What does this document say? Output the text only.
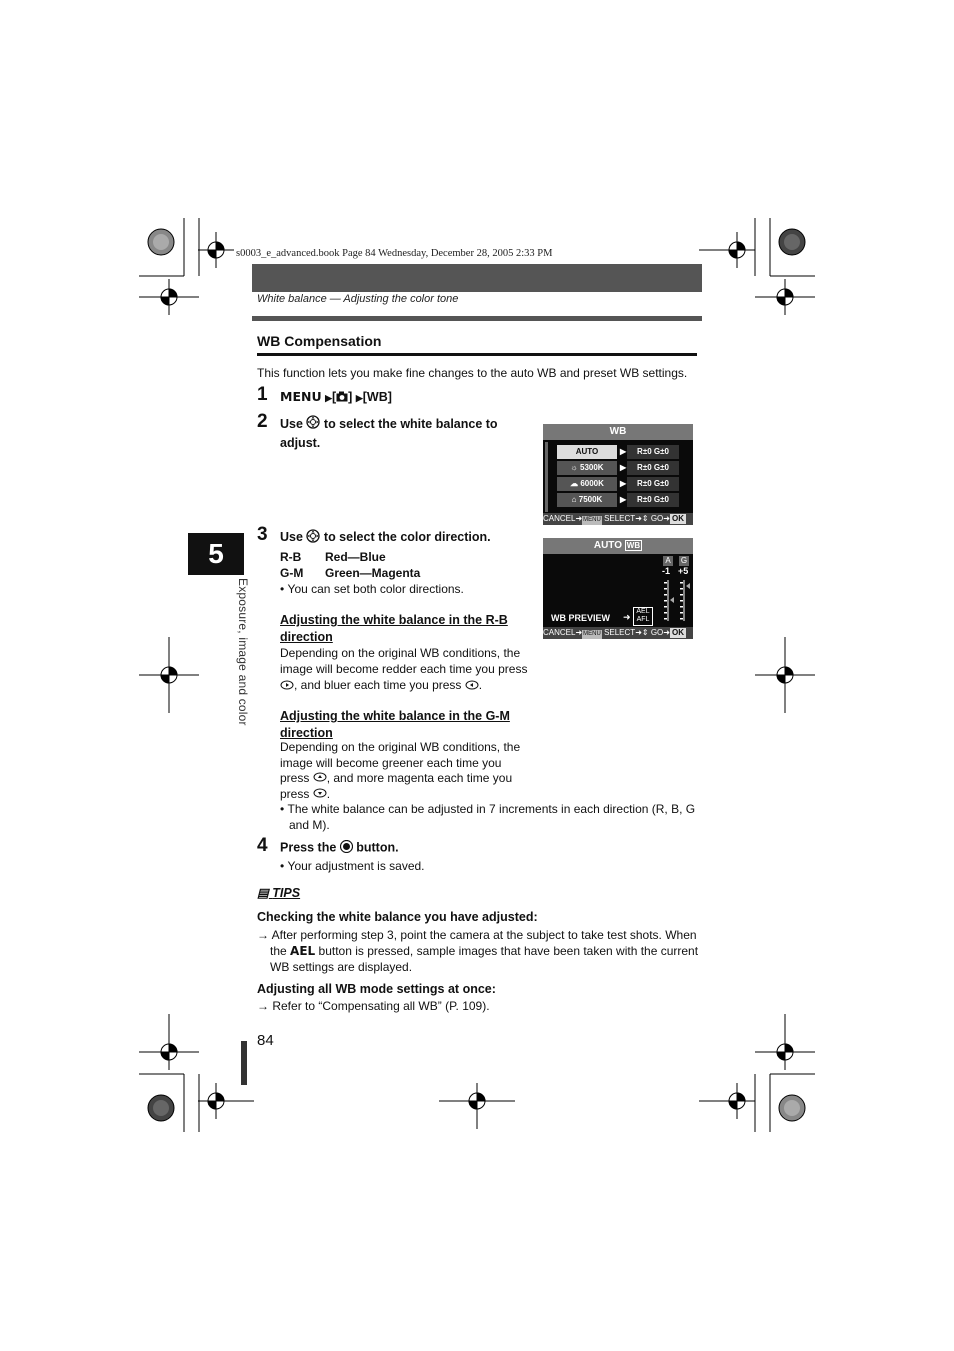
s0003_e_advanced.book Page 84 Wednesday, December 28, 2005 2:33 PM
White balance — Adjusting the color tone
WB Compensation
This function lets you make fine changes to the auto WB and preset WB settings.
1 MENU ▶[ ] ▶[WB]
2 Use to select the white balance to
adjust.
WB
AUTO	▶	R±0 G±0
☼ 5300K	▶	R±0 G±0
☁ 6000K	▶	R±0 G±0
⌂ 7500K	▶	R±0 G±0
CANCEL➜MENU SELECT➜⇕ GO➜ OK
3 Use to select the color direction.
R-B Red—Blue
G-M Green—Magenta
• You can set both color directions.
AUTO WB
A G
-1 +5
WB PREVIEW ➜
AEL
AFL
CANCEL➜MENU SELECT➜⇕ GO➜ OK
Adjusting the white balance in the R-B
direction
Depending on the original WB conditions, the
image will become redder each time you press
, and bluer each time you press .
Adjusting the white balance in the G-M
direction
Depending on the original WB conditions, the
image will become greener each time you
press , and more magenta each time you
press .
• The white balance can be adjusted in 7 increments in each direction (R, B, G
and M).
4 Press the button.
• Your adjustment is saved.
▤ TIPS
Checking the white balance you have adjusted:
→ After performing step 3, point the camera at the subject to take test shots. When
the AEL button is pressed, sample images that have been taken with the current
WB settings are displayed.
Adjusting all WB mode settings at once:
→ Refer to “Compensating all WB” (P. 109).
5
Exposure, image and color
84
